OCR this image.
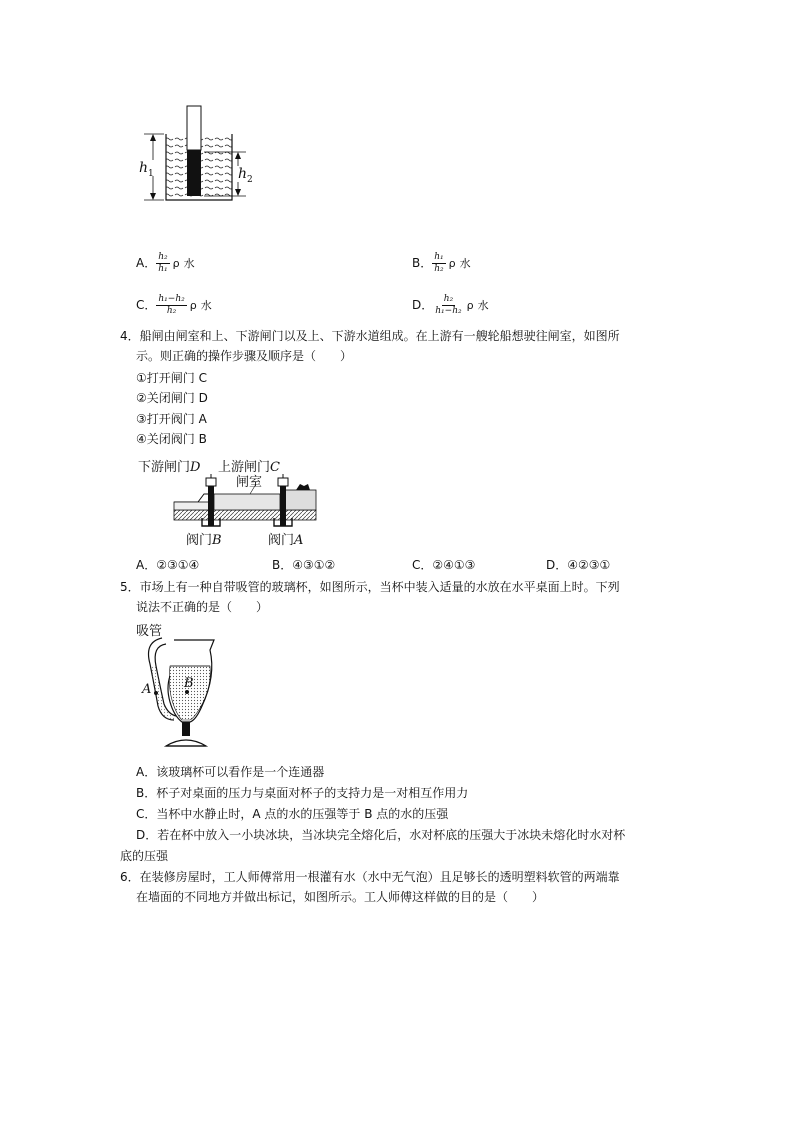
$h_1$	$h_2$
A． $\frac{\text{h₂}}{\text{h₁}}$ ρ 水	B． $\frac{\text{h₁}}{\text{h₂}}$ ρ 水
C． $\frac{\text{h₁−h₂}}{\text{h₂}}$ ρ 水	D． $\frac{\text{h₂}}{\text{h₁−h₂}}$ ρ 水
4．船闸由闸室和上、下游闸门以及上、下游水道组成。在上游有一艘轮船想驶往闸室，如图所
示。则正确的操作步骤及顺序是（　　）
①打开闸门 C
②关闭闸门 D
③打开阀门 A
④关闭阀门 B
下游闸门D 上游闸门C
闸室
阀门B	阀门A
A．②③①④	B．④③①②	C．②④①③	D．④②③①
5．市场上有一种自带吸管的玻璃杯，如图所示，当杯中装入适量的水放在水平桌面上时。下列
说法不正确的是（　　）
吸管
A	B
A．该玻璃杯可以看作是一个连通器
B．杯子对桌面的压力与桌面对杯子的支持力是一对相互作用力
C．当杯中水静止时，A 点的水的压强等于 B 点的水的压强
D．若在杯中放入一小块冰块，当冰块完全熔化后，水对杯底的压强大于冰块未熔化时水对杯
底的压强
6．在装修房屋时，工人师傅常用一根灌有水（水中无气泡）且足够长的透明塑料软管的两端靠
在墙面的不同地方并做出标记，如图所示。工人师傅这样做的目的是（　　）
